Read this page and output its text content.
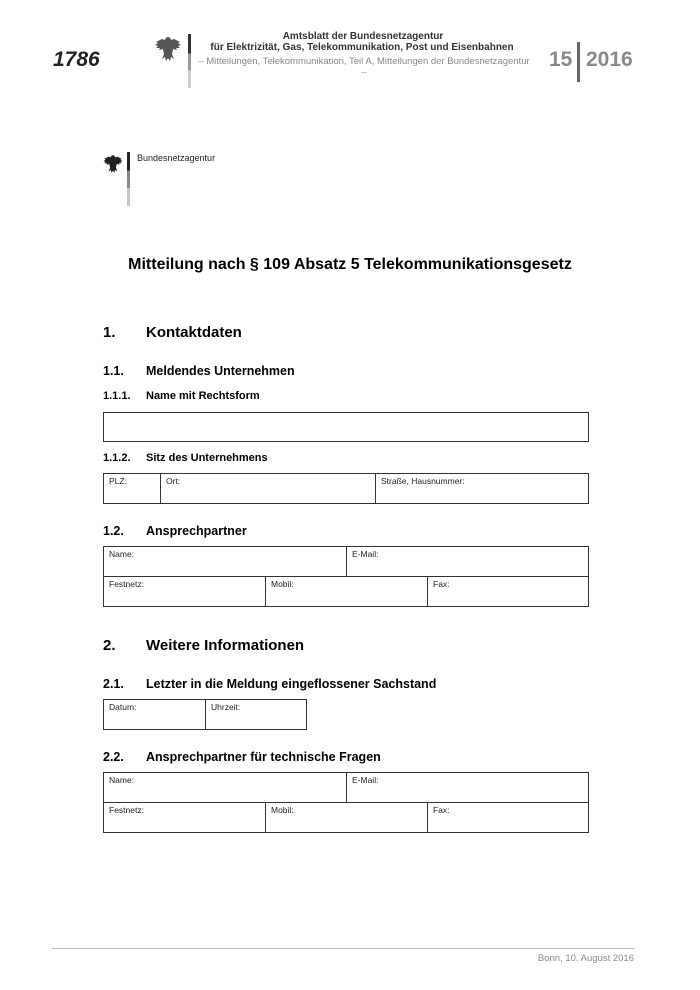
1786
Amtsblatt der Bundesnetzagentur
für Elektrizität, Gas, Telekommunikation, Post und Eisenbahnen
– Mitteilungen, Telekommunikation, Teil A, Mitteilungen der Bundesnetzagentur –
15 2016
Bundesnetzagentur
Mitteilung nach § 109 Absatz 5 Telekommunikationsgesetz
1. Kontaktdaten
1.1. Meldendes Unternehmen
1.1.1. Name mit Rechtsform
1.1.2. Sitz des Unternehmens
PLZ:	Ort:	Straße, Hausnummer:
1.2. Ansprechpartner
Name:	E-Mail:
Festnetz:	Mobil:	Fax:
2. Weitere Informationen
2.1. Letzter in die Meldung eingeflossener Sachstand
Datum:	Uhrzeit:
2.2. Ansprechpartner für technische Fragen
Name:	E-Mail:
Festnetz:	Mobil:	Fax:
Bonn, 10. August 2016
